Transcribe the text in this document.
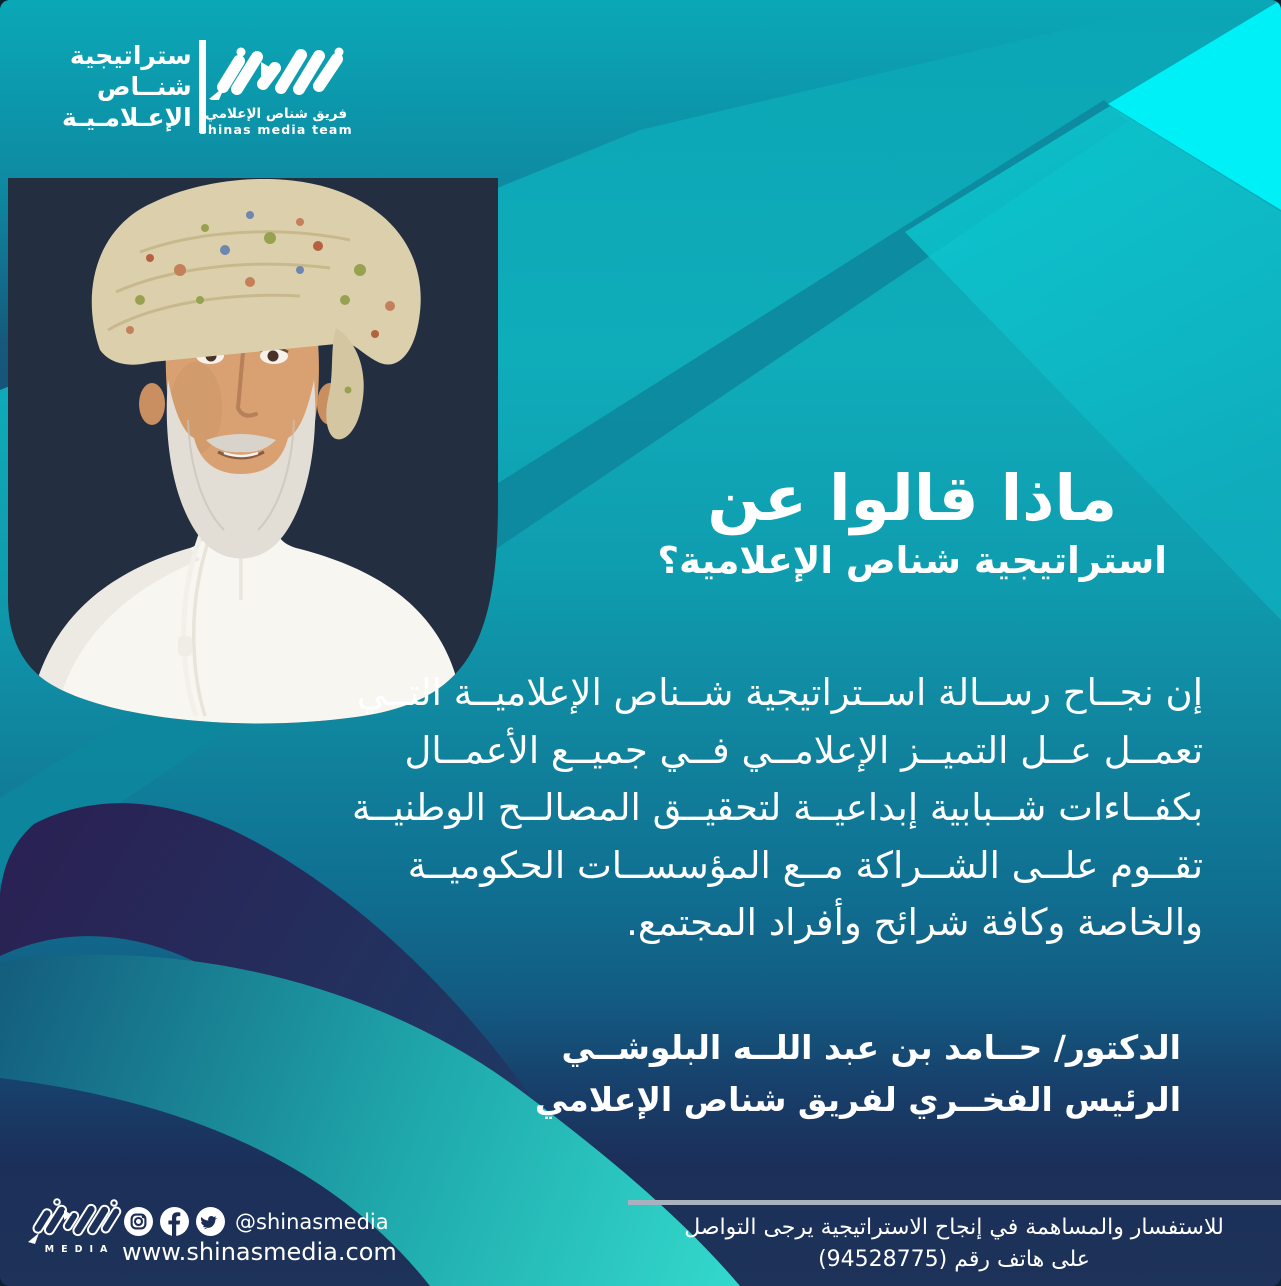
ستراتيجية
شنــاص
الإعـلامـيـة فريق شناص الإعلامي
shinas media team
ماذا قالوا عن
استراتيجية شناص الإعلامية؟
إن نجــاح رســالة اســتراتيجية شــناص الإعلاميــة التــي
تعمــل عــل التميــز الإعلامــي فــي جميــع الأعمــال
بكفــاءات شــبابية إبداعيــة لتحقيــق المصالــح الوطنيــة
تقــوم علــى الشــراكة مــع المؤسســات الحكوميــة
والخاصة وكافة شرائح وأفراد المجتمع.
الدكتور/ حــامد بن عبد اللــه البلوشــي
الرئيس الفخــري لفريق شناص الإعلامي
MEDIA
@shinasmedia
www.shinasmedia.com
للاستفسار والمساهمة في إنجاح الاستراتيجية يرجى التواصل
على هاتف رقم (94528775)
